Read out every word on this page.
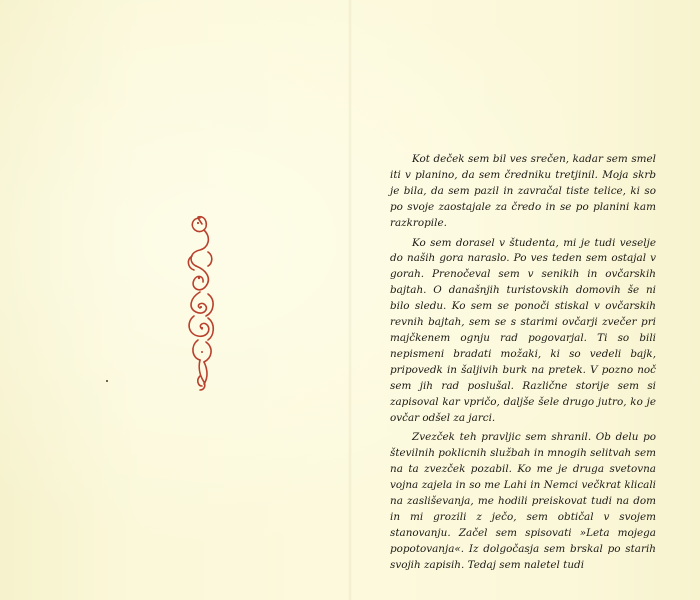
Kot deček sem bil ves srečen, kadar sem smel iti v planino, da sem čredniku tretjinil. Moja skrb je bila, da sem pazil in zavračal tiste telice, ki so po svoje zaostajale za čredo in se po planini kam razkropile.

Ko sem dorasel v študenta, mi je tudi veselje do naših gora naraslo. Po ves teden sem ostajal v gorah. Prenočeval sem v senikih in ovčarskih bajtah. O današnjih turistovskih domovih še ni bilo sledu. Ko sem se ponoči stiskal v ovčarskih revnih bajtah, sem se s starimi ovčarji zvečer pri majčkenem ognju rad pogovarjal. Ti so bili nepismeni bradati možaki, ki so vedeli bajk, pripovedk in šaljivih burk na pretek. V pozno noč sem jih rad poslušal. Različne storije sem si zapisoval kar vpričo, daljše šele drugo jutro, ko je ovčar odšel za jarci.

Zvezček teh pravljic sem shranil. Ob delu po številnih poklicnih službah in mnogih selitvah sem na ta zvezček pozabil. Ko me je druga svetovna vojna zajela in so me Lahi in Nemci večkrat klicali na zasliševanja, me hodili preiskovat tudi na dom in mi grozili z ječo, sem obtičal v svojem stanovanju. Začel sem spisovati »Leta mojega popotovanja«. Iz dolgočasja sem brskal po starih svojih zapisih. Tedaj sem naletel tudi
